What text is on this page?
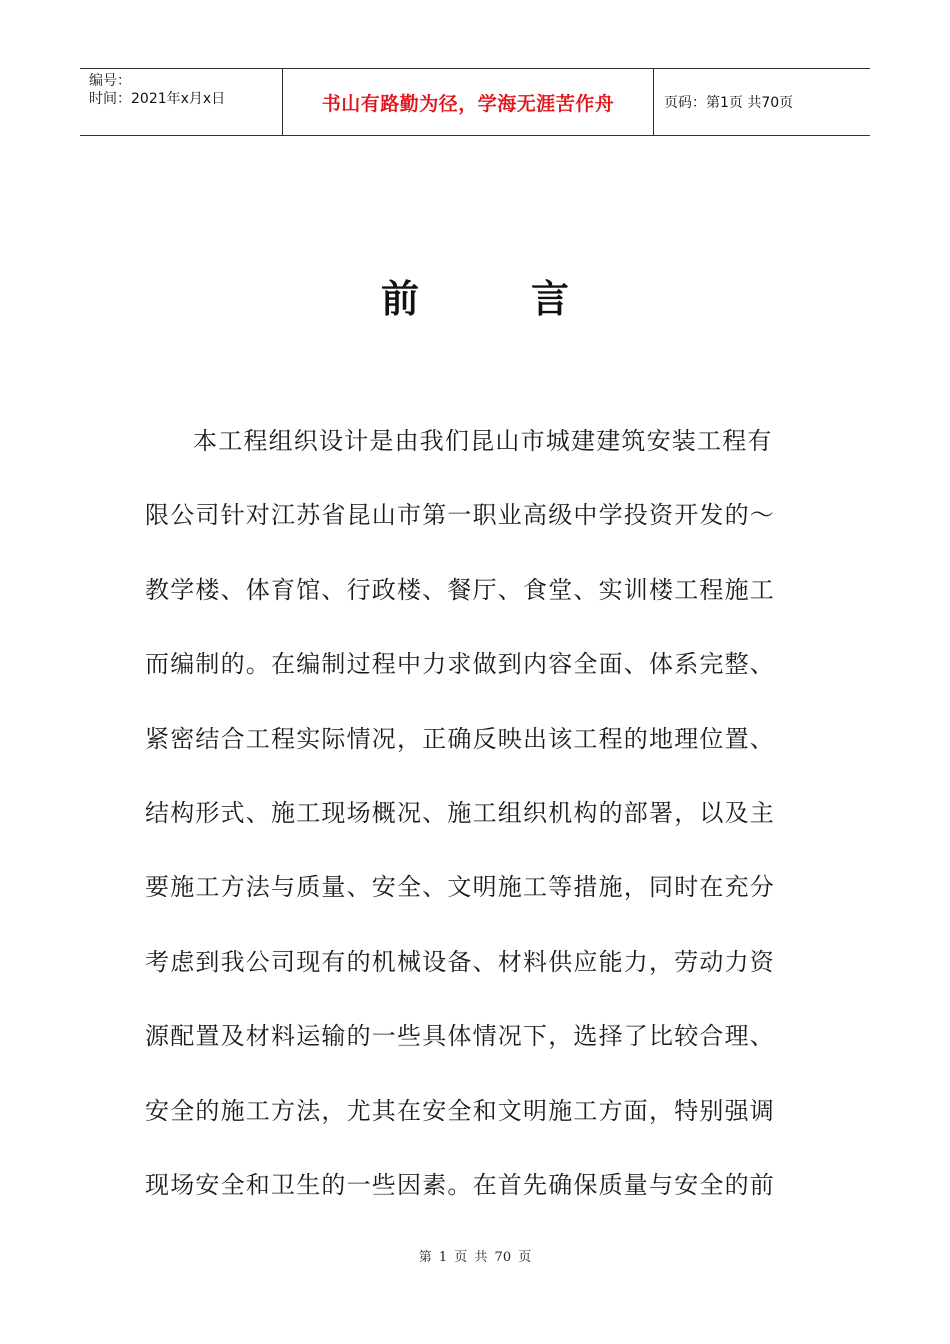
编号：
时间：2021年x月x日	书山有路勤为径，学海无涯苦作舟	页码：第1页 共70页
前	言
本工程组织设计是由我们昆山市城建建筑安装工程有
限公司针对江苏省昆山市第一职业高级中学投资开发的～
教学楼、体育馆、行政楼、餐厅、食堂、实训楼工程施工
而编制的。在编制过程中力求做到内容全面、体系完整、
紧密结合工程实际情况，正确反映出该工程的地理位置、
结构形式、施工现场概况、施工组织机构的部署，以及主
要施工方法与质量、安全、文明施工等措施，同时在充分
考虑到我公司现有的机械设备、材料供应能力，劳动力资
源配置及材料运输的一些具体情况下，选择了比较合理、
安全的施工方法，尤其在安全和文明施工方面，特别强调
现场安全和卫生的一些因素。在首先确保质量与安全的前
第 1 页 共 70 页
